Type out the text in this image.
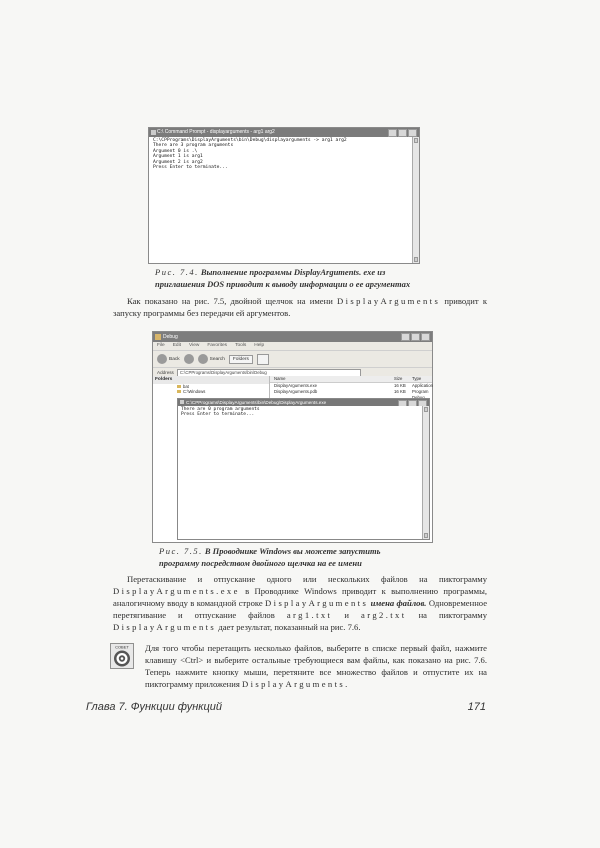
C:\ Command Prompt - displayarguments - arg1 arg2
C:\CPPrograms\DisplayArguments\bin\Debug\displayarguments -> arg1 arg2
There are 3 program arguments
Argument 0 is .\
Argument 1 is arg1
Argument 2 is arg2
Press Enter to terminate...
Рис. 7.4. Выполнение программы DisplayArguments. exe из приглашения DOS приводит к выводу информации о ее аргументах
Как показано на рис. 7.5, двойной щелчок на имени DisplayArguments приводит к запуску программы без передачи ей аргументов.
Debug
File Edit View Favorites Tools Help
Back	Search Folders
Address	C:\CPPrograms\DisplayArguments\bin\Debug
Folders
bat
C:\Windows
Name	Size	Type
DisplayArguments.exe	16 KB	Application
DisplayArguments.pdb	16 KB	Program
C:\CPPrograms\DisplayArguments\bin\Debug\DisplayArguments.exe
There are 0 program arguments
Press Enter to terminate...
Рис. 7.5. В Проводнике Windows вы можете запустить программу посредством двойного щелчка на ее имени
Перетаскивание и отпускание одного или нескольких файлов на пиктограмму DisplayArguments.exe в Проводнике Windows приводит к выполнению программы, аналогичному вводу в командной строке DisplayArguments имена файлов. Одновременное перетягивание и отпускание файлов arg1.txt и arg2.txt на пиктограмму DisplayArguments дает результат, показанный на рис. 7.6.
СОВЕТ Для того чтобы перетащить несколько файлов, выберите в списке первый файл, нажмите клавишу <Ctrl> и выберите остальные требующиеся вам файлы, как показано на рис. 7.6. Теперь нажмите кнопку мыши, перетяните все множество файлов и отпустите их на пиктограмму приложения DisplayArguments.
Глава 7. Функции функций	171
